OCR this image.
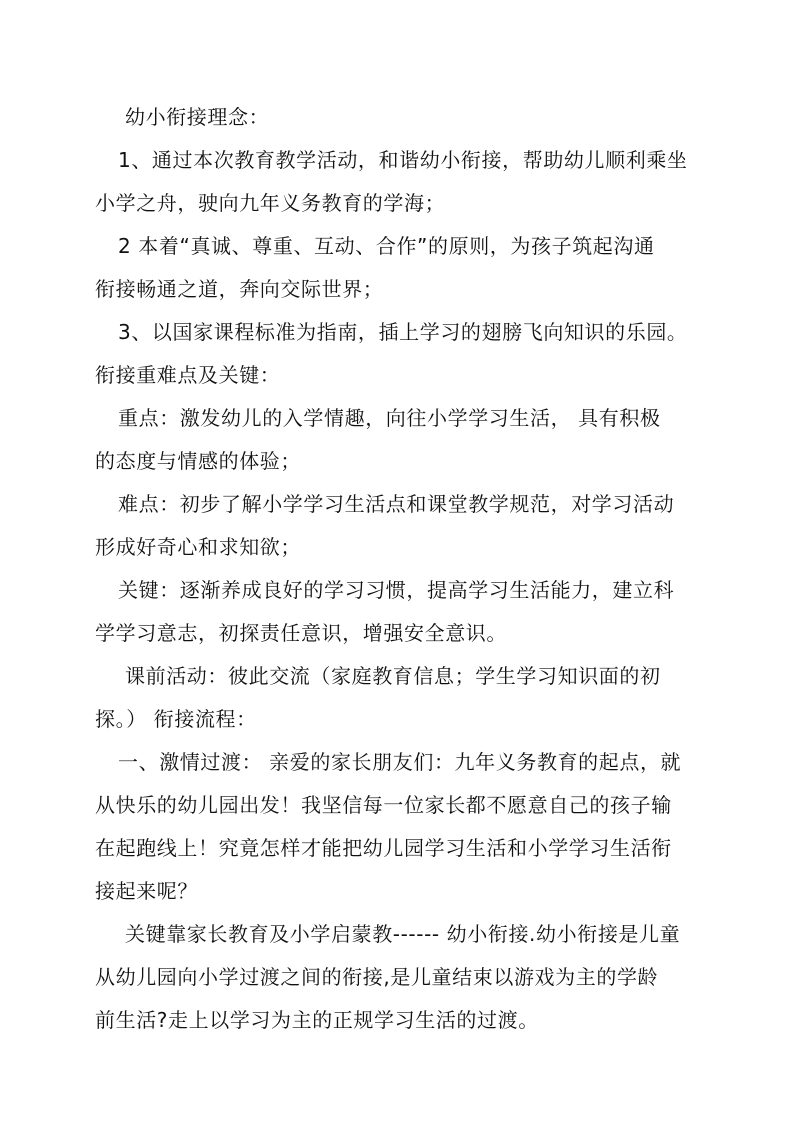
幼小衔接理念：
1、通过本次教育教学活动，和谐幼小衔接，帮助幼儿顺利乘坐
小学之舟，驶向九年义务教育的学海；
2 本着“真诚、尊重、互动、合作”的原则，为孩子筑起沟通
衔接畅通之道，奔向交际世界；
3、以国家课程标准为指南，插上学习的翅膀飞向知识的乐园。
衔接重难点及关键：
重点：激发幼儿的入学情趣，向往小学学习生活， 具有积极
的态度与情感的体验；
难点：初步了解小学学习生活点和课堂教学规范，对学习活动
形成好奇心和求知欲；
关键：逐渐养成良好的学习习惯，提高学习生活能力，建立科
学学习意志，初探责任意识，增强安全意识。
课前活动：彼此交流（家庭教育信息；学生学习知识面的初
探。） 衔接流程：
一、激情过渡： 亲爱的家长朋友们：九年义务教育的起点，就
从快乐的幼儿园出发！我坚信每一位家长都不愿意自己的孩子输
在起跑线上！究竟怎样才能把幼儿园学习生活和小学学习生活衔
接起来呢？
关键靠家长教育及小学启蒙教------ 幼小衔接.幼小衔接是儿童
从幼儿园向小学过渡之间的衔接,是儿童结束以游戏为主的学龄
前生活?走上以学习为主的正规学习生活的过渡。
